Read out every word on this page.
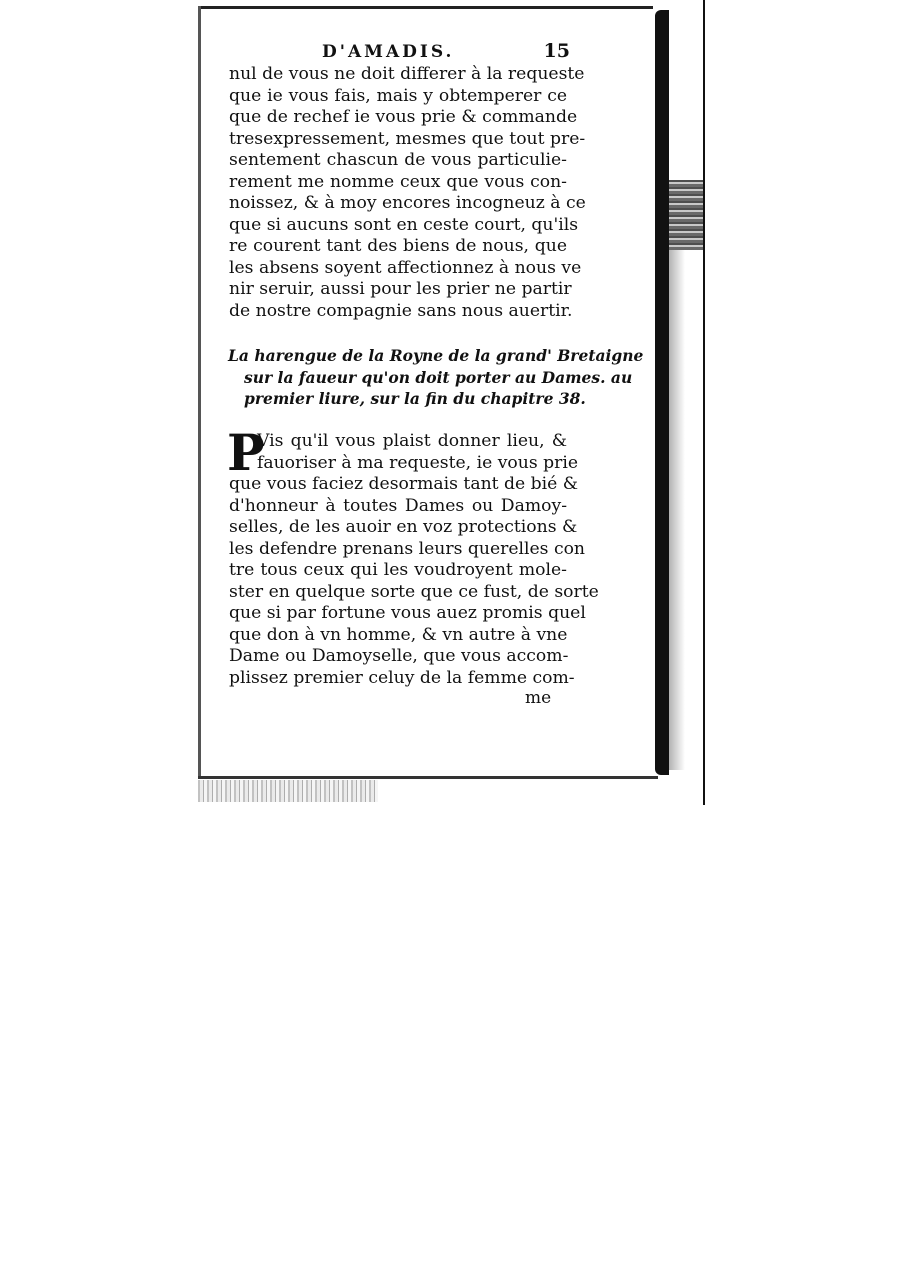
D'AMADIS.	15
nul de vous ne doit differer à la requeste
que ie vous fais, mais y obtemperer ce
que de rechef ie vous prie & commande
tresexpressement, mesmes que tout pre-
sentement chascun de vous particulie-
rement me nomme ceux que vous con-
noissez, & à moy encores incogneuz à ce
que si aucuns sont en ceste court, qu'ils
re courent tant des biens de nous, que
les absens soyent affectionnez à nous ve
nir seruir, aussi pour les prier ne partir
de nostre compagnie sans nous auertir.
La harengue de la Royne de la grand' Bretaigne
sur la faueur qu'on doit porter au Dames. au
premier liure, sur la fin du chapitre 38.
P
Vis qu'il vous plaist donner lieu, &
fauoriser à ma requeste, ie vous prie
que vous faciez desormais tant de bié &
d'honneur à toutes Dames ou Damoy-
selles, de les auoir en voz protections &
les defendre prenans leurs querelles con
tre tous ceux qui les voudroyent mole-
ster en quelque sorte que ce fust, de sorte
que si par fortune vous auez promis quel
que don à vn homme, & vn autre à vne
Dame ou Damoyselle, que vous accom-
plissez premier celuy de la femme com-
me
